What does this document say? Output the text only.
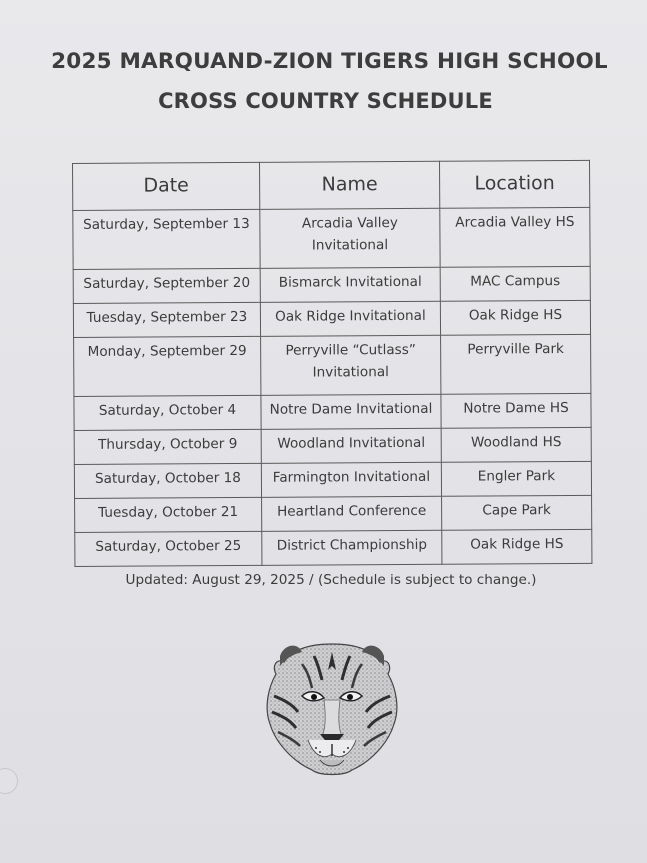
2025 MARQUAND-ZION TIGERS HIGH SCHOOL
CROSS COUNTRY SCHEDULE
Date	Name	Location
Saturday, September 13	Arcadia Valley Invitational	Arcadia Valley HS
Saturday, September 20	Bismarck Invitational	MAC Campus
Tuesday, September 23	Oak Ridge Invitational	Oak Ridge HS
Monday, September 29	Perryville “Cutlass” Invitational	Perryville Park
Saturday, October 4	Notre Dame Invitational	Notre Dame HS
Thursday, October 9	Woodland Invitational	Woodland HS
Saturday, October 18	Farmington Invitational	Engler Park
Tuesday, October 21	Heartland Conference	Cape Park
Saturday, October 25	District Championship	Oak Ridge HS
Updated: August 29, 2025 / (Schedule is subject to change.)
